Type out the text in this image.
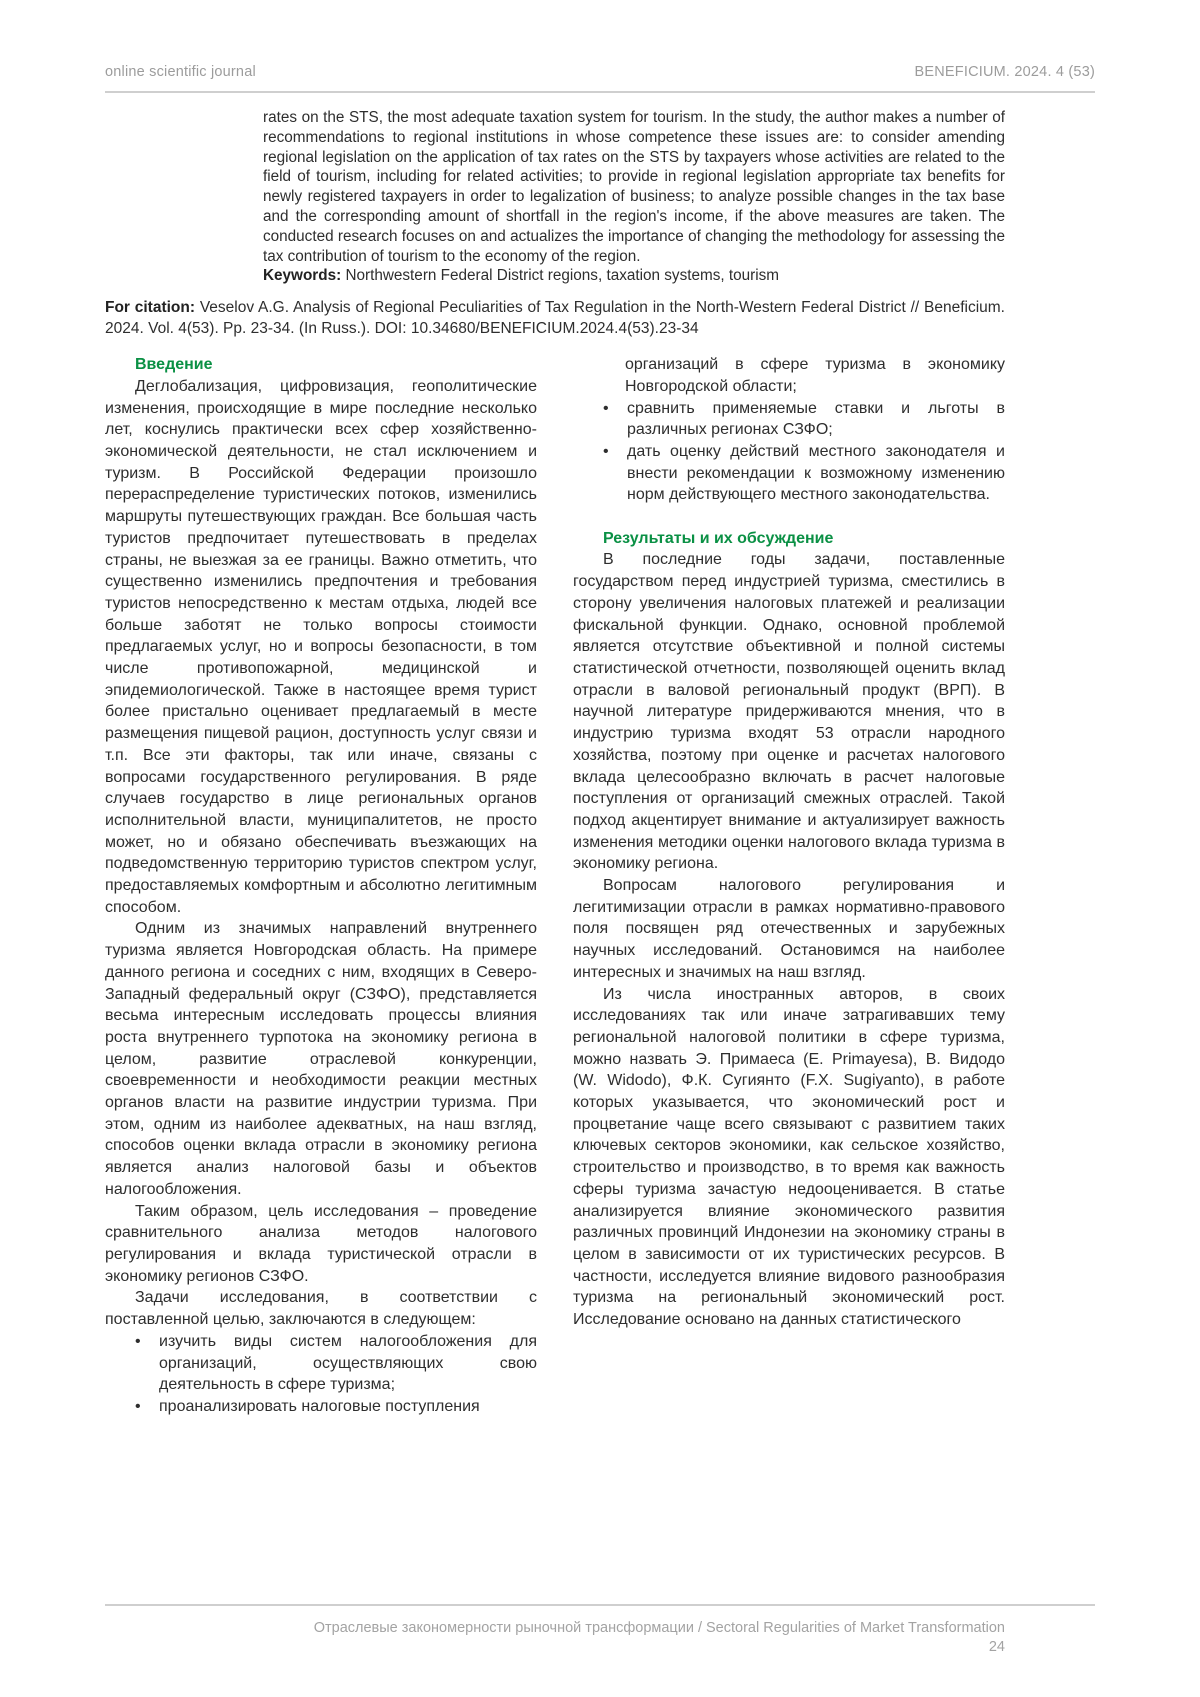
online scientific journal	BENEFICIUM. 2024. 4 (53)

rates on the STS, the most adequate taxation system for tourism. In the study, the author makes a number of recommendations to regional institutions in whose competence these issues are: to consider amending regional legislation on the application of tax rates on the STS by taxpayers whose activities are related to the field of tourism, including for related activities; to provide in regional legislation appropriate tax benefits for newly registered taxpayers in order to legalization of business; to analyze possible changes in the tax base and the corresponding amount of shortfall in the region's income, if the above measures are taken. The conducted research focuses on and actualizes the importance of changing the methodology for assessing the tax contribution of tourism to the economy of the region.

Keywords: Northwestern Federal District regions, taxation systems, tourism

For citation: Veselov A.G. Analysis of Regional Peculiarities of Tax Regulation in the North-Western Federal District // Beneficium. 2024. Vol. 4(53). Pp. 23-34. (In Russ.). DOI: 10.34680/BENEFICIUM.2024.4(53).23-34

Введение

Деглобализация, цифровизация, геополитические изменения, происходящие в мире последние несколько лет, коснулись практически всех сфер хозяйственно-экономической деятельности, не стал исключением и туризм. В Российской Федерации произошло перераспределение туристических потоков, изменились маршруты путешествующих граждан. Все большая часть туристов предпочитает путешествовать в пределах страны, не выезжая за ее границы. Важно отметить, что существенно изменились предпочтения и требования туристов непосредственно к местам отдыха, людей все больше заботят не только вопросы стоимости предлагаемых услуг, но и вопросы безопасности, в том числе противопожарной, медицинской и эпидемиологической. Также в настоящее время турист более пристально оценивает предлагаемый в месте размещения пищевой рацион, доступность услуг связи и т.п. Все эти факторы, так или иначе, связаны с вопросами государственного регулирования. В ряде случаев государство в лице региональных органов исполнительной власти, муниципалитетов, не просто может, но и обязано обеспечивать въезжающих на подведомственную территорию туристов спектром услуг, предоставляемых комфортным и абсолютно легитимным способом.

Одним из значимых направлений внутреннего туризма является Новгородская область. На примере данного региона и соседних с ним, входящих в Северо-Западный федеральный округ (СЗФО), представляется весьма интересным исследовать процессы влияния роста внутреннего турпотока на экономику региона в целом, развитие отраслевой конкуренции, своевременности и необходимости реакции местных органов власти на развитие индустрии туризма. При этом, одним из наиболее адекватных, на наш взгляд, способов оценки вклада отрасли в экономику региона является анализ налоговой базы и объектов налогообложения.

Таким образом, цель исследования – проведение сравнительного анализа методов налогового регулирования и вклада туристической отрасли в экономику регионов СЗФО.

Задачи исследования, в соответствии с поставленной целью, заключаются в следующем:

• изучить виды систем налогообложения для организаций, осуществляющих свою деятельность в сфере туризма;
• проанализировать налоговые поступления

организаций в сфере туризма в экономику Новгородской области;

• сравнить применяемые ставки и льготы в различных регионах СЗФО;
• дать оценку действий местного законодателя и внести рекомендации к возможному изменению норм действующего местного законодательства.
Результаты и их обсуждение

В последние годы задачи, поставленные государством перед индустрией туризма, сместились в сторону увеличения налоговых платежей и реализации фискальной функции. Однако, основной проблемой является отсутствие объективной и полной системы статистической отчетности, позволяющей оценить вклад отрасли в валовой региональный продукт (ВРП). В научной литературе придерживаются мнения, что в индустрию туризма входят 53 отрасли народного хозяйства, поэтому при оценке и расчетах налогового вклада целесообразно включать в расчет налоговые поступления от организаций смежных отраслей. Такой подход акцентирует внимание и актуализирует важность изменения методики оценки налогового вклада туризма в экономику региона.

Вопросам налогового регулирования и легитимизации отрасли в рамках нормативно-правового поля посвящен ряд отечественных и зарубежных научных исследований. Остановимся на наиболее интересных и значимых на наш взгляд.

Из числа иностранных авторов, в своих исследованиях так или иначе затрагивавших тему региональной налоговой политики в сфере туризма, можно назвать Э. Примаеса (E. Primayesa), В. Видодо (W. Widodo), Ф.К. Сугиянто (F.X. Sugiyanto), в работе которых указывается, что экономический рост и процветание чаще всего связывают с развитием таких ключевых секторов экономики, как сельское хозяйство, строительство и производство, в то время как важность сферы туризма зачастую недооценивается. В статье анализируется влияние экономического развития различных провинций Индонезии на экономику страны в целом в зависимости от их туристических ресурсов. В частности, исследуется влияние видового разнообразия туризма на региональный экономический рост. Исследование основано на данных статистического

Отраслевые закономерности рыночной трансформации / Sectoral Regularities of Market Transformation
24
